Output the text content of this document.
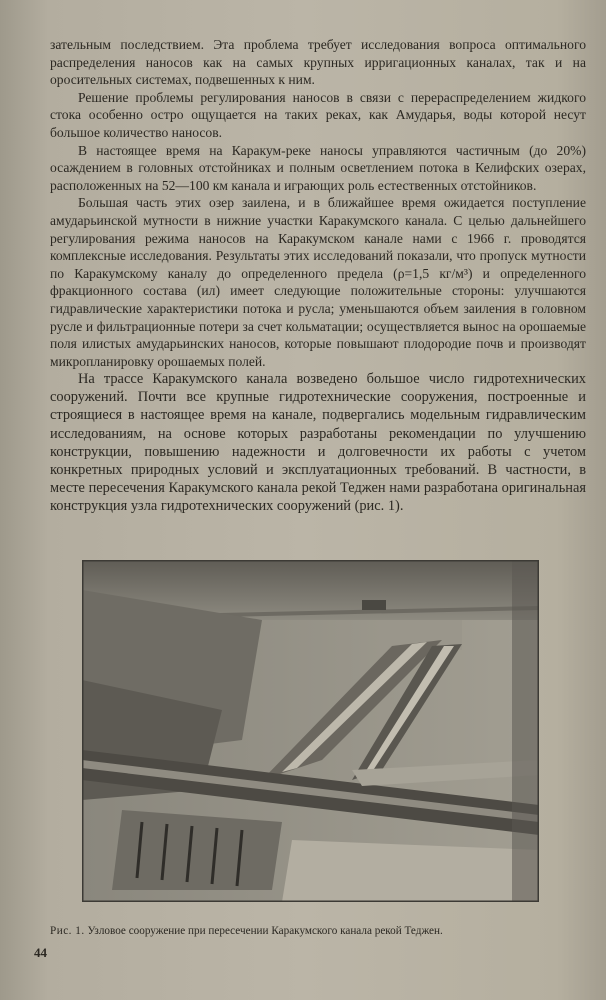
зательным последствием. Эта проблема требует исследования вопроса оптимального распределения наносов как на самых крупных ирригационных каналах, так и на оросительных системах, подвешенных к ним.

Решение проблемы регулирования наносов в связи с перераспределением жидкого стока особенно остро ощущается на таких реках, как Амударья, воды которой несут большое количество наносов.

В настоящее время на Каракум-реке наносы управляются частичным (до 20%) осаждением в головных отстойниках и полным осветлением потока в Келифских озерах, расположенных на 52—100 км канала и играющих роль естественных отстойников.

Большая часть этих озер заилена, и в ближайшее время ожидается поступление амударьинской мутности в нижние участки Каракумского канала. С целью дальнейшего регулирования режима наносов на Каракумском канале нами с 1966 г. проводятся комплексные исследования. Результаты этих исследований показали, что пропуск мутности по Каракумскому каналу до определенного предела (ρ=1,5 кг/м³) и определенного фракционного состава (ил) имеет следующие положительные стороны: улучшаются гидравлические характеристики потока и русла; уменьшаются объем заиления в головном русле и фильтрационные потери за счет кольматации; осуществляется вынос на орошаемые поля илистых амударьинских наносов, которые повышают плодородие почв и производят микропланировку орошаемых полей.

На трассе Каракумского канала возведено большое число гидротехнических сооружений. Почти все крупные гидротехнические сооружения, построенные и строящиеся в настоящее время на канале, подвергались модельным гидравлическим исследованиям, на основе которых разработаны рекомендации по улучшению конструкции, повышению надежности и долговечности их работы с учетом конкретных природных условий и эксплуатационных требований. В частности, в месте пересечения Каракумского канала рекой Теджен нами разработана оригинальная конструкция узла гидротехнических сооружений (рис. 1).

Рис. 1. Узловое сооружение при пересечении Каракумского канала рекой Теджен.
44
